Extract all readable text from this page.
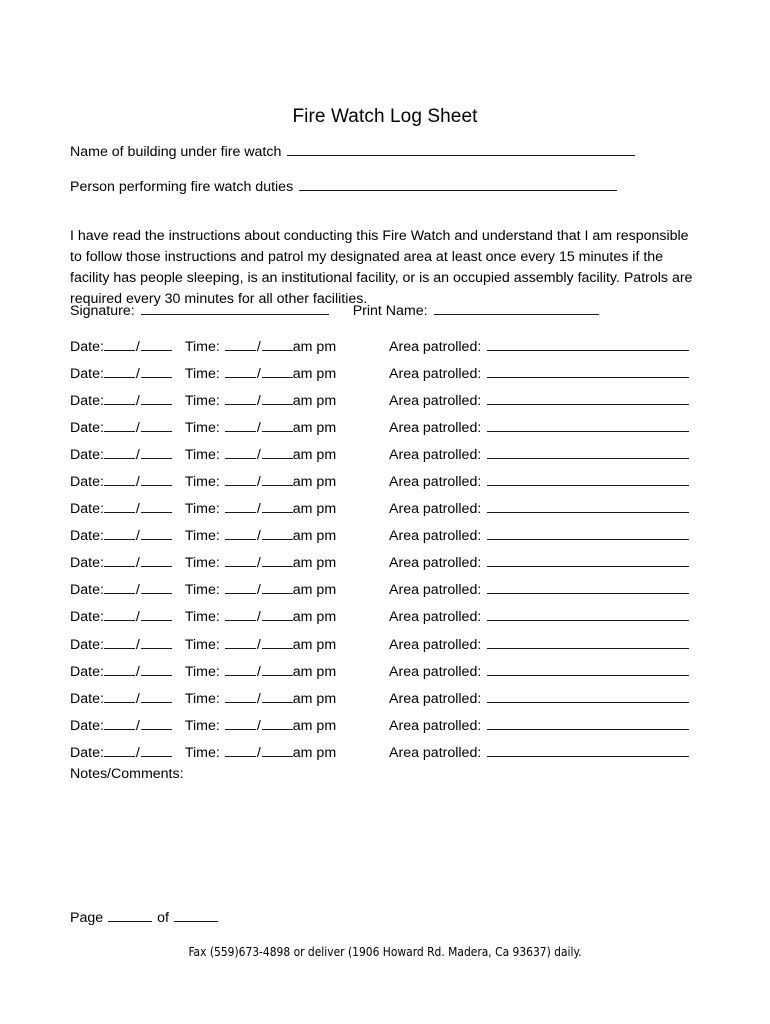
Fire Watch Log Sheet
Name of building under fire watch
Person performing fire watch duties

I have read the instructions about conducting this Fire Watch and understand that I am responsible to follow those instructions and patrol my designated area at least once every 15 minutes if the facility has people sleeping, is an institutional facility, or is an occupied assembly facility. Patrols are required every 30 minutes for all other facilities.

Signature:	Print Name:
Date: /	Time:	/ am pm	Area patrolled:
Date: /	Time:	/ am pm	Area patrolled:
Date: /	Time:	/ am pm	Area patrolled:
Date: /	Time:	/ am pm	Area patrolled:
Date: /	Time:	/ am pm	Area patrolled:
Date: /	Time:	/ am pm	Area patrolled:
Date: /	Time:	/ am pm	Area patrolled:
Date: /	Time:	/ am pm	Area patrolled:
Date: /	Time:	/ am pm	Area patrolled:
Date: /	Time:	/ am pm	Area patrolled:
Date: /	Time:	/ am pm	Area patrolled:
Date: /	Time:	/ am pm	Area patrolled:
Date: /	Time:	/ am pm	Area patrolled:
Date: /	Time:	/ am pm	Area patrolled:
Date: /	Time:	/ am pm	Area patrolled:
Date: /	Time:	/ am pm	Area patrolled:
Notes/Comments:
Page	of
Fax (559)673-4898 or deliver (1906 Howard Rd. Madera, Ca 93637) daily.
